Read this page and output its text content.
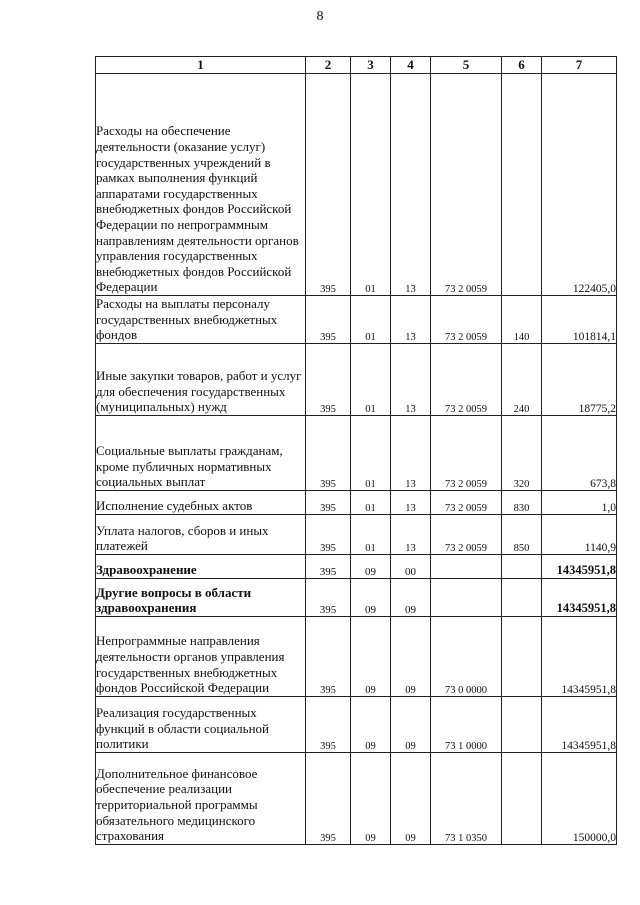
8
1	2	3	4	5	6	7
Расходы на обеспечение деятельности (оказание услуг) государственных учреждений в рамках выполнения функций аппаратами государственных внебюджетных фондов Российской Федерации по непрограммным направлениям деятельности органов управления государственных внебюджетных фондов Российской Федерации	395	01	13	73 2 0059		122405,0
Расходы на выплаты персоналу государственных внебюджетных фондов	395	01	13	73 2 0059	140	101814,1
Иные закупки товаров, работ и услуг для обеспечения государственных (муниципальных) нужд	395	01	13	73 2 0059	240	18775,2
Социальные выплаты гражданам, кроме публичных нормативных социальных выплат	395	01	13	73 2 0059	320	673,8
Исполнение судебных актов	395	01	13	73 2 0059	830	1,0
Уплата налогов, сборов и иных платежей	395	01	13	73 2 0059	850	1140,9
Здравоохранение	395	09	00			14345951,8
Другие вопросы в области здравоохранения	395	09	09			14345951,8
Непрограммные направления деятельности органов управления государственных внебюджетных фондов Российской Федерации	395	09	09	73 0 0000		14345951,8
Реализация государственных функций в области социальной политики	395	09	09	73 1 0000		14345951,8
Дополнительное финансовое обеспечение реализации территориальной программы обязательного медицинского страхования	395	09	09	73 1 0350		150000,0
